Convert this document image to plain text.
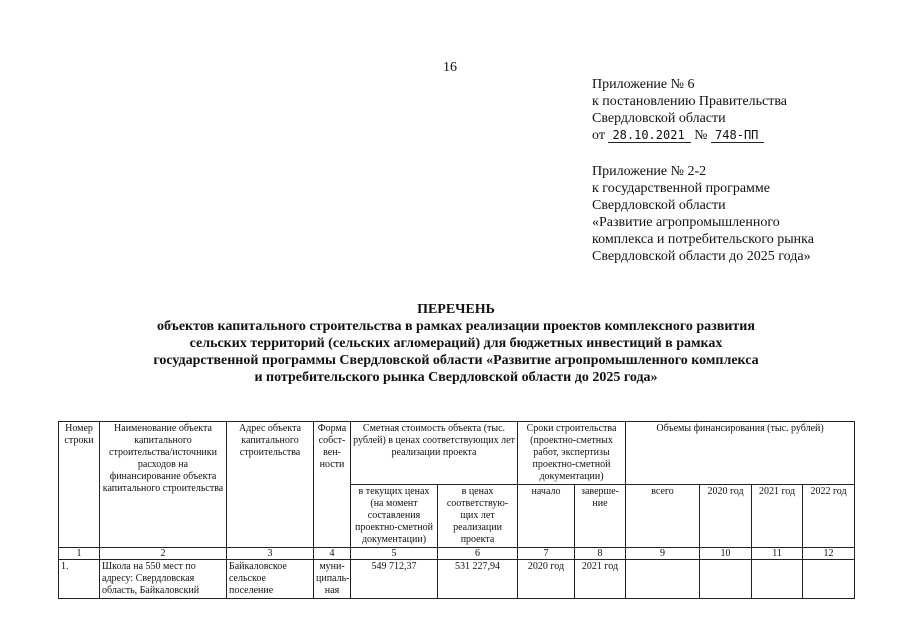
16
Приложение № 6
к постановлению Правительства
Свердловской области
от 28.10.2021 № 748-ПП
Приложение № 2-2
к государственной программе
Свердловской области
«Развитие агропромышленного
комплекса и потребительского рынка
Свердловской области до 2025 года»
ПЕРЕЧЕНЬ
объектов капитального строительства в рамках реализации проектов комплексного развития
сельских территорий (сельских агломераций) для бюджетных инвестиций в рамках
государственной программы Свердловской области «Развитие агропромышленного комплекса
и потребительского рынка Свердловской области до 2025 года»
Номер строки	Наименование объекта капитального строительства/источники расходов на финансирование объекта капитального строительства	Адрес объекта капитального строительства	Форма собст- вен- ности	Сметная стоимость объекта (тыс. рублей) в ценах соответствующих лет реализации проекта		Сроки строительства (проектно-сметных работ, экспертизы проектно-сметной документации)		Объемы финансирования (тыс. рублей)			
				в текущих ценах (на момент составления проектно-сметной документации)	в ценах соответствую- щих лет реализации проекта	начало	заверше- ние	всего	2020 год	2021 год	2022 год
1	2	3	4	5	6	7	8	9	10	11	12
1.	Школа на 550 мест по адресу: Свердловская область, Байкаловский	Байкаловское сельское поселение	муни- ципаль- ная	549 712,37	531 227,94	2020 год	2021 год				
